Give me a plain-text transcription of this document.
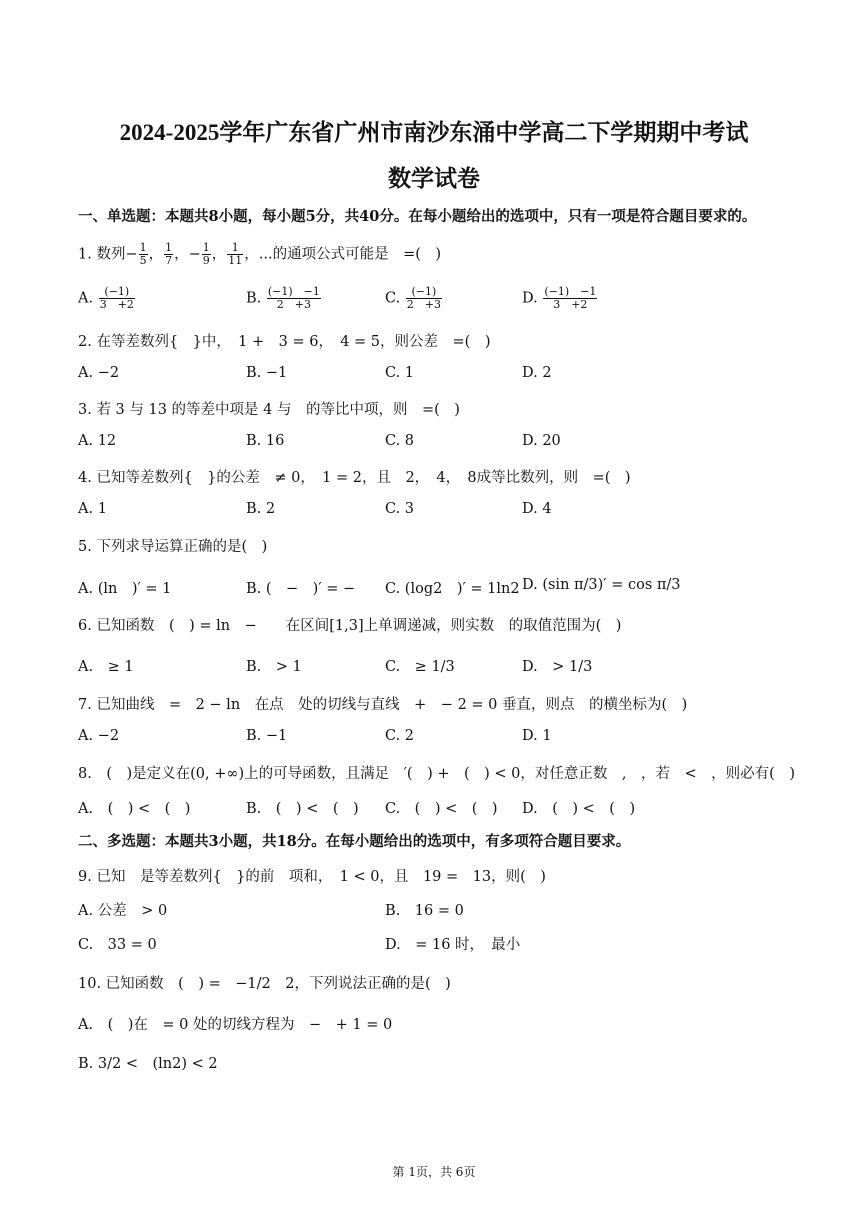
2024-2025学年广东省广州市南沙东涌中学高二下学期期中考试
数学试卷
一、单选题：本题共8小题，每小题5分，共40分。在每小题给出的选项中，只有一项是符合题目要求的。
1. 数列− $\frac{1}{5}$ ， $\frac{1}{7}$ ，− $\frac{1}{9}$ ， $\frac{1}{11}$ ，...的通项公式可能是　=(　)
A. $\frac{(-1)}{3 +2}$	B. $\frac{(-1) -1}{2 +3}$	C. $\frac{(-1)}{2 +3}$	D. $\frac{(-1) -1}{3 +2}$
2. 在等差数列{　}中，　1 +　3 = 6，　4 = 5，则公差　=(　)
A. −2	B. −1	C. 1	D. 2
3. 若 3 与 13 的等差中项是 4 与　的等比中项，则　=(　)
A. 12	B. 16	C. 8	D. 20
4. 已知等差数列{　}的公差　≠ 0，　1 = 2，且　2，　4，　8成等比数列，则　=(　)
A. 1	B. 2	C. 3	D. 4
5. 下列求导运算正确的是(　)
A. (ln　)′ = 1	B. (　−　)′ = − C. (log2　)′ = 1ln2 D. (sin π/3)′ = cos π/3
6. 已知函数　(　) = ln　−　　在区间[1,3]上单调递减，则实数　的取值范围为(　)
A.　≥ 1	B.　> 1	C.　≥ 1/3	D.　> 1/3
7. 已知曲线　=　2 − ln　在点　处的切线与直线　+　− 2 = 0 垂直，则点　的横坐标为(　)
A. −2	B. −1	C. 2	D. 1
8.　(　)是定义在(0, +∞)上的可导函数，且满足　′(　) +　(　) < 0，对任意正数　,　，若　<　，则必有(　)
A.　(　) <　(　)	B.　(　) <　(　) C.　(　) <　(　) D.　(　) <　(　)
二、多选题：本题共3小题，共18分。在每小题给出的选项中，有多项符合题目要求。
9. 已知　是等差数列{　}的前　项和，　1 < 0，且　19 =　13，则(　)
A. 公差　> 0	B.　16 = 0
C.　33 = 0	D.　= 16 时，　最小
10. 已知函数　(　) =　−1/2　2，下列说法正确的是(　)
A.　(　)在　= 0 处的切线方程为　−　+ 1 = 0
B. 3/2 <　(ln2) < 2
第 1页，共 6页
